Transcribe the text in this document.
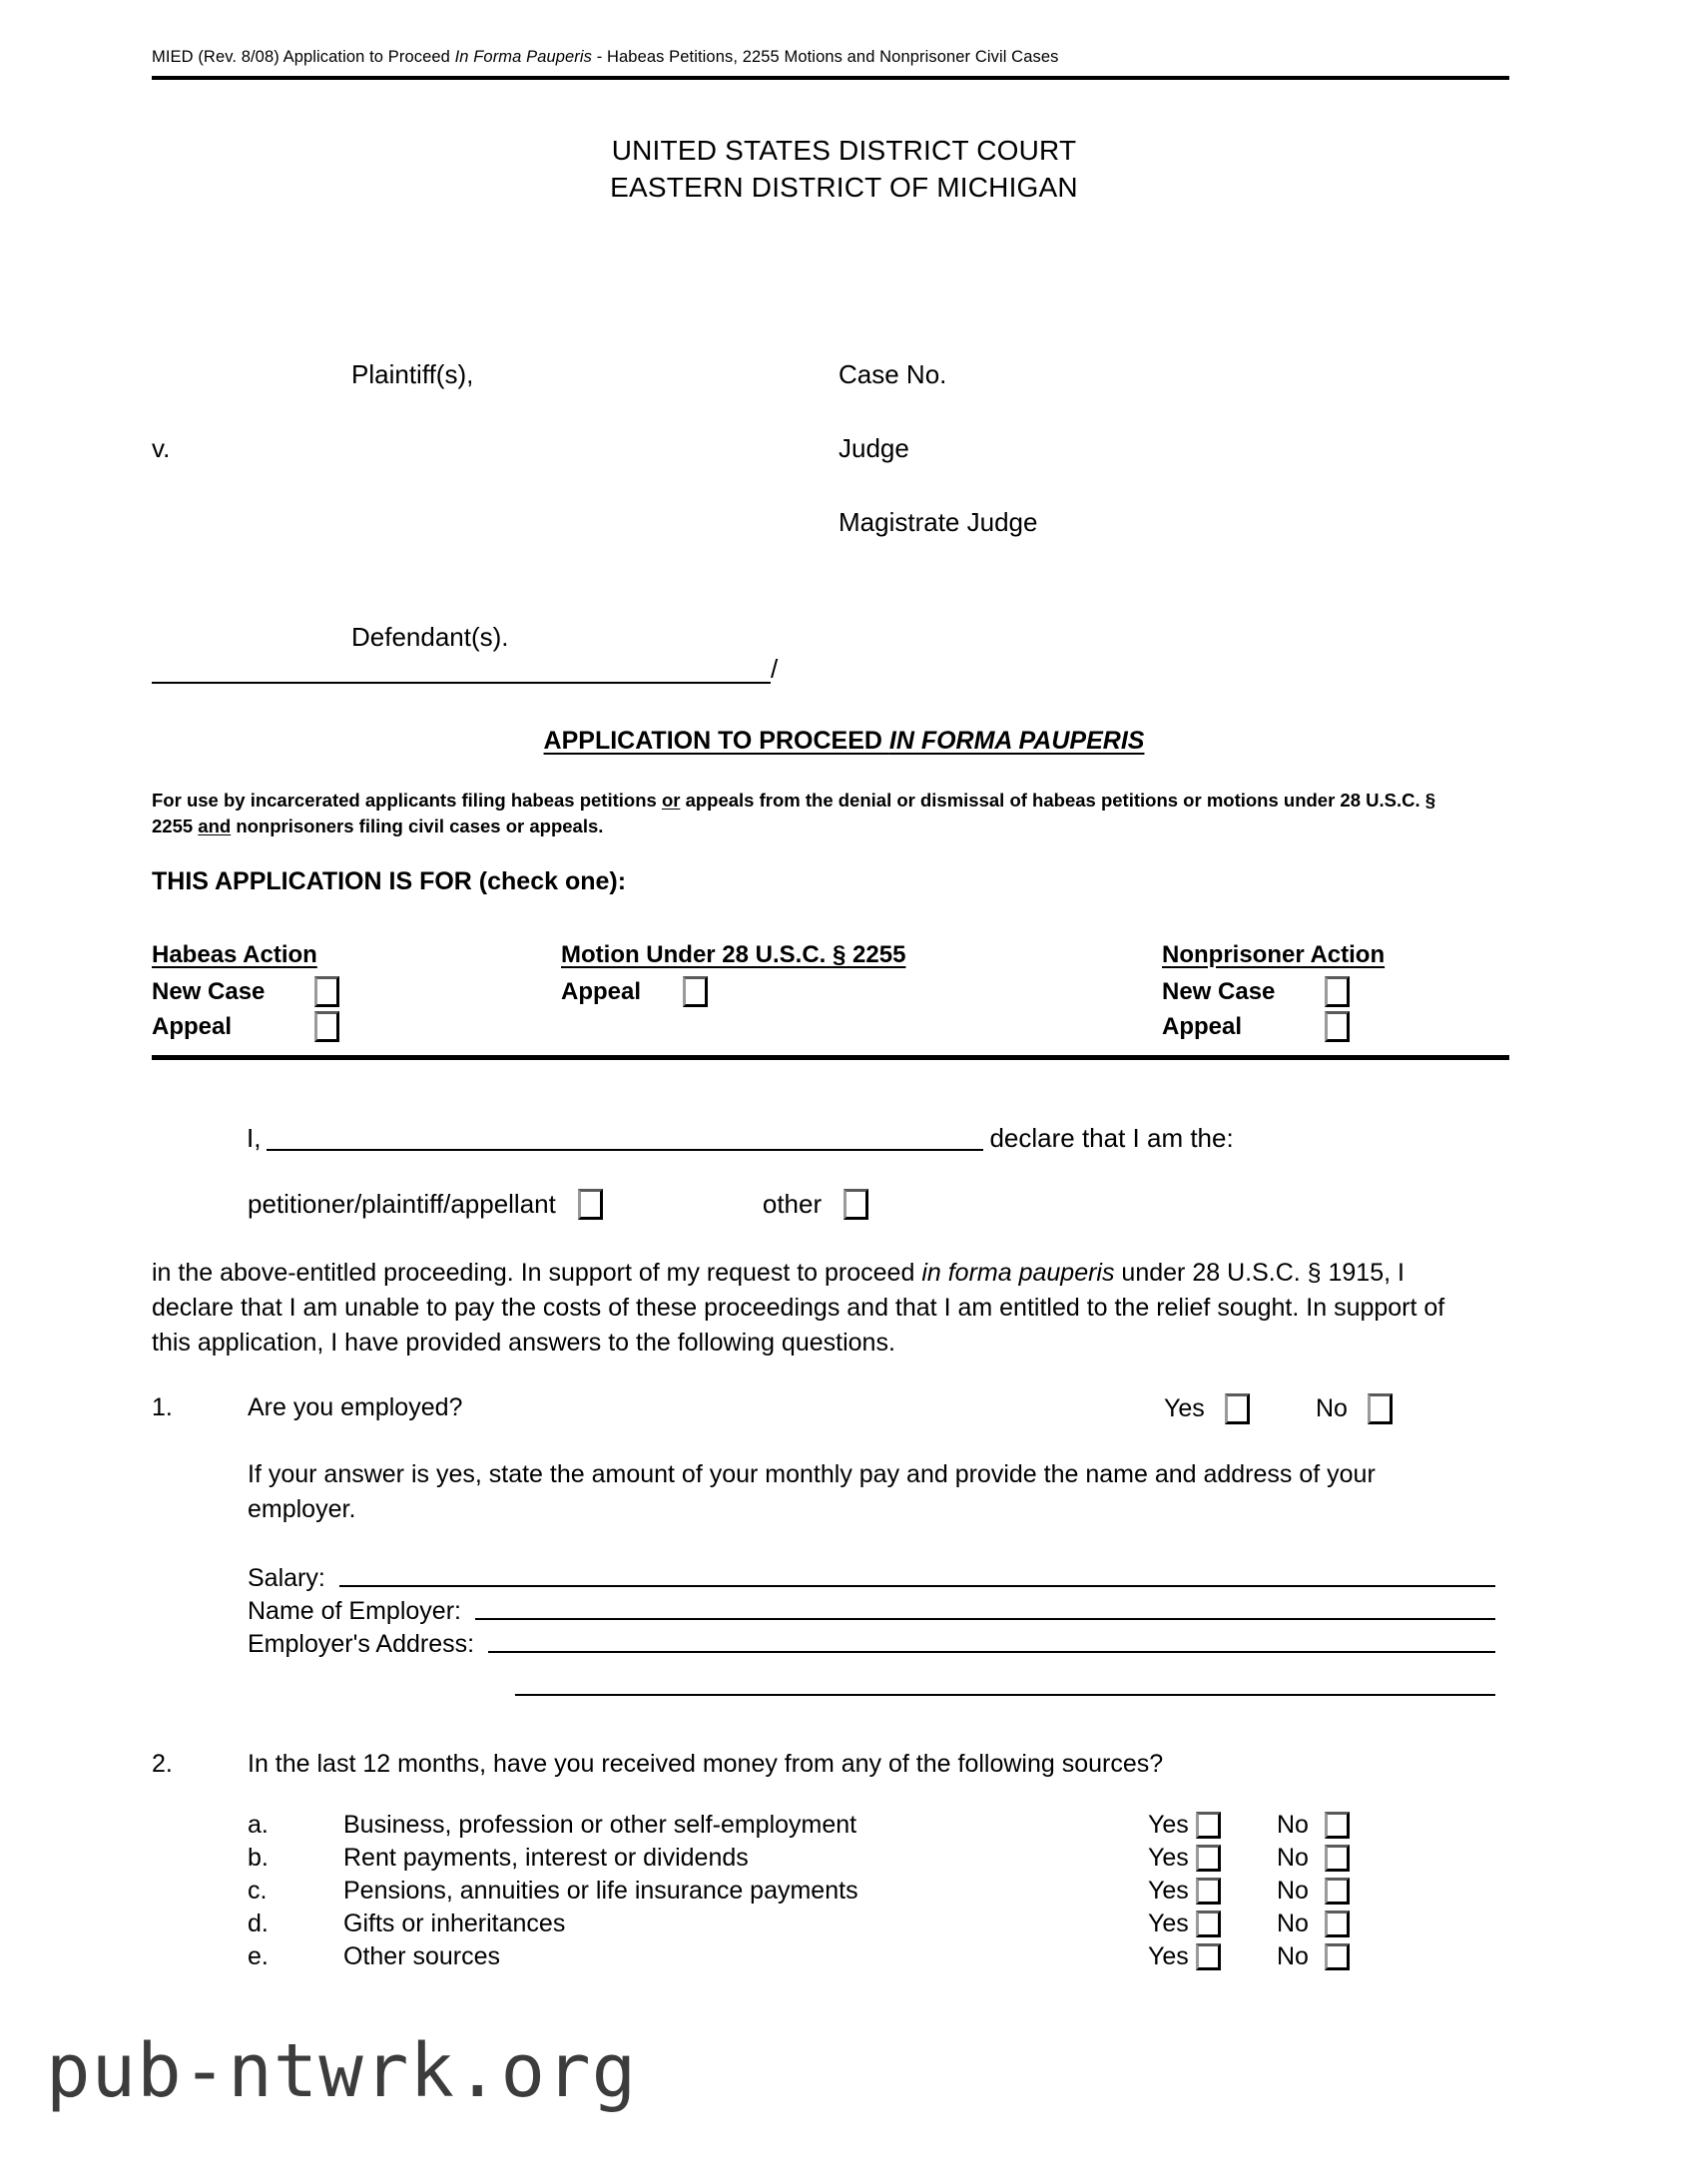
MIED (Rev. 8/08) Application to Proceed In Forma Pauperis - Habeas Petitions, 2255 Motions and Nonprisoner Civil Cases
UNITED STATES DISTRICT COURT
EASTERN DISTRICT OF MICHIGAN
Plaintiff(s),
v.
Defendant(s).
Case No.
Judge
Magistrate Judge
/
APPLICATION TO PROCEED IN FORMA PAUPERIS
For use by incarcerated applicants filing habeas petitions or appeals from the denial or dismissal of habeas petitions or motions under 28 U.S.C. § 2255 and nonprisoners filing civil cases or appeals.
THIS APPLICATION IS FOR (check one):
Habeas Action
New Case
Appeal
Motion Under 28 U.S.C. § 2255
Appeal
Nonprisoner Action
New Case
Appeal
I,	declare that I am the:
petitioner/plaintiff/appellant	other
in the above-entitled proceeding. In support of my request to proceed in forma pauperis under 28 U.S.C. § 1915, I declare that I am unable to pay the costs of these proceedings and that I am entitled to the relief sought. In support of this application, I have provided answers to the following questions.
1.	Are you employed?	Yes	No
If your answer is yes, state the amount of your monthly pay and provide the name and address of your employer.
Salary:
Name of Employer:
Employer's Address:
2.	In the last 12 months, have you received money from any of the following sources?
a.	Business, profession or other self-employment	Yes	No
b.	Rent payments, interest or dividends	Yes	No
c.	Pensions, annuities or life insurance payments	Yes	No
d.	Gifts or inheritances	Yes	No
e.	Other sources	Yes	No
pub-ntwrk.org
